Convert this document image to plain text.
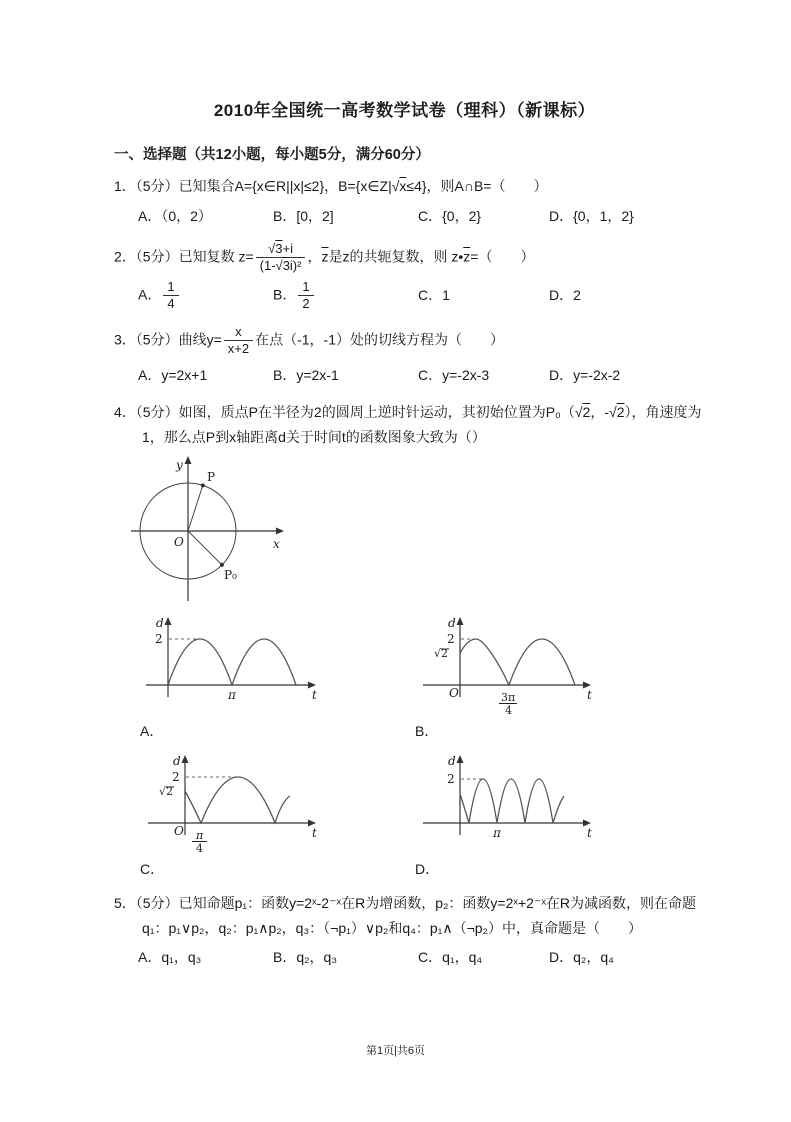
2010年全国统一高考数学试卷（理科）（新课标）
一、选择题（共12小题，每小题5分，满分60分）
1．（5分）已知集合A={x∈R||x|≤2}，B={x∈Z|√x≤4}，则A∩B=（　　）
A．（0，2）	B．[0，2]	C．{0，2}	D．{0，1，2}
2．（5分）已知复数 $z= \frac{√3+i}{\text{(1-√3i)²}}$ ，$\overline{z}$是z的共轭复数，则 $z•\overline{z}=$（　　）
A． $\frac{1}{4}$	B． $\frac{1}{2}$	C．1	D．2
3．（5分）曲线$y= \frac{x}{x+2}$ 在点（-1，-1）处的切线方程为（　　）
A．y=2x+1	B．y=2x-1	C．y=-2x-3	D．y=-2x-2
4．（5分）如图，质点P在半径为2的圆周上逆时针运动，其初始位置为P₀（√2，-√2），角速度为1，那么点P到x轴距离d关于时间t的函数图象大致为（）
y
x
O
P
P₀
d
t
2
π
A．
d
t
2
√2
O	3π
4
B．
d
t
2
√2
O π
4
C．
d
t
2
π
D．
5．（5分）已知命题p₁：函数y=2ˣ-2⁻ˣ在R为增函数，p₂：函数y=2ˣ+2⁻ˣ在R为减函数，则在命题q₁：p₁∨p₂，q₂：p₁∧p₂，q₃：（¬p₁）∨p₂和q₄：p₁∧（¬p₂）中，真命题是（　　）
A．q₁，q₃	B．q₂，q₃	C．q₁，q₄	D．q₂，q₄
第1页|共6页
